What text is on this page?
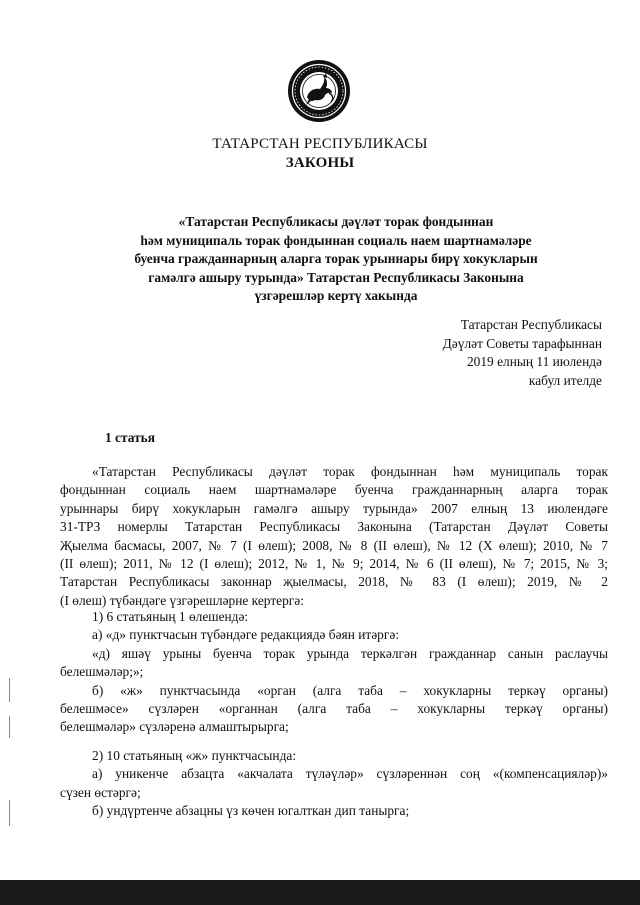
ТАТАРСТАН РЕСПУБЛИКАСЫ
ЗАКОНЫ
«Татарстан Республикасы дәүләт торак фондыннан
һәм муниципаль торак фондыннан социаль наем шартнамәләре
буенча гражданнарның аларга торак урыннары бирү хокукларын
гамәлгә ашыру турында» Татарстан Республикасы Законына
үзгәрешләр кертү хакында
Татарстан Республикасы
Дәүләт Советы тарафыннан
2019 елның 11 июлендә
кабул ителде
1 статья
«Татарстан Республикасы дәүләт торак фондыннан һәм муниципаль торак
фондыннан социаль наем шартнамәләре буенча гражданнарның аларга торак
урыннары бирү хокукларын гамәлгә ашыру турында» 2007 елның 13 июлендәге
31-ТРЗ номерлы Татарстан Республикасы Законына (Татарстан Дәүләт Советы
Җыелма басмасы, 2007, № 7 (I өлеш); 2008, № 8 (II өлеш), № 12 (X өлеш); 2010, № 7
(II өлеш); 2011, № 12 (I өлеш); 2012, № 1, № 9; 2014, № 6 (II өлеш), № 7; 2015, № 3;
Татарстан Республикасы законнар җыелмасы, 2018, № 83 (I өлеш); 2019, № 2
(I өлеш) түбәндәге үзгәрешләрне кертергә:
1) 6 статьяның 1 өлешендә:
а) «д» пунктчасын түбәндәге редакциядә бәян итәргә:
«д) яшәү урыны буенча торак урында теркәлгән гражданнар санын раслаучы
белешмәләр;»;
б) «ж» пунктчасында «орган (алга таба – хокукларны теркәү органы)
белешмәсе» сүзләрен «органнан (алга таба – хокукларны теркәү органы)
белешмәләр» сүзләренә алмаштырырга;
2) 10 статьяның «ж» пунктчасында:
а) уникенче абзацта «акчалата түләүләр» сүзләреннән соң «(компенсацияләр)»
сүзен өстәргә;
б) ундүртенче абзацны үз көчен югалткан дип танырга;
